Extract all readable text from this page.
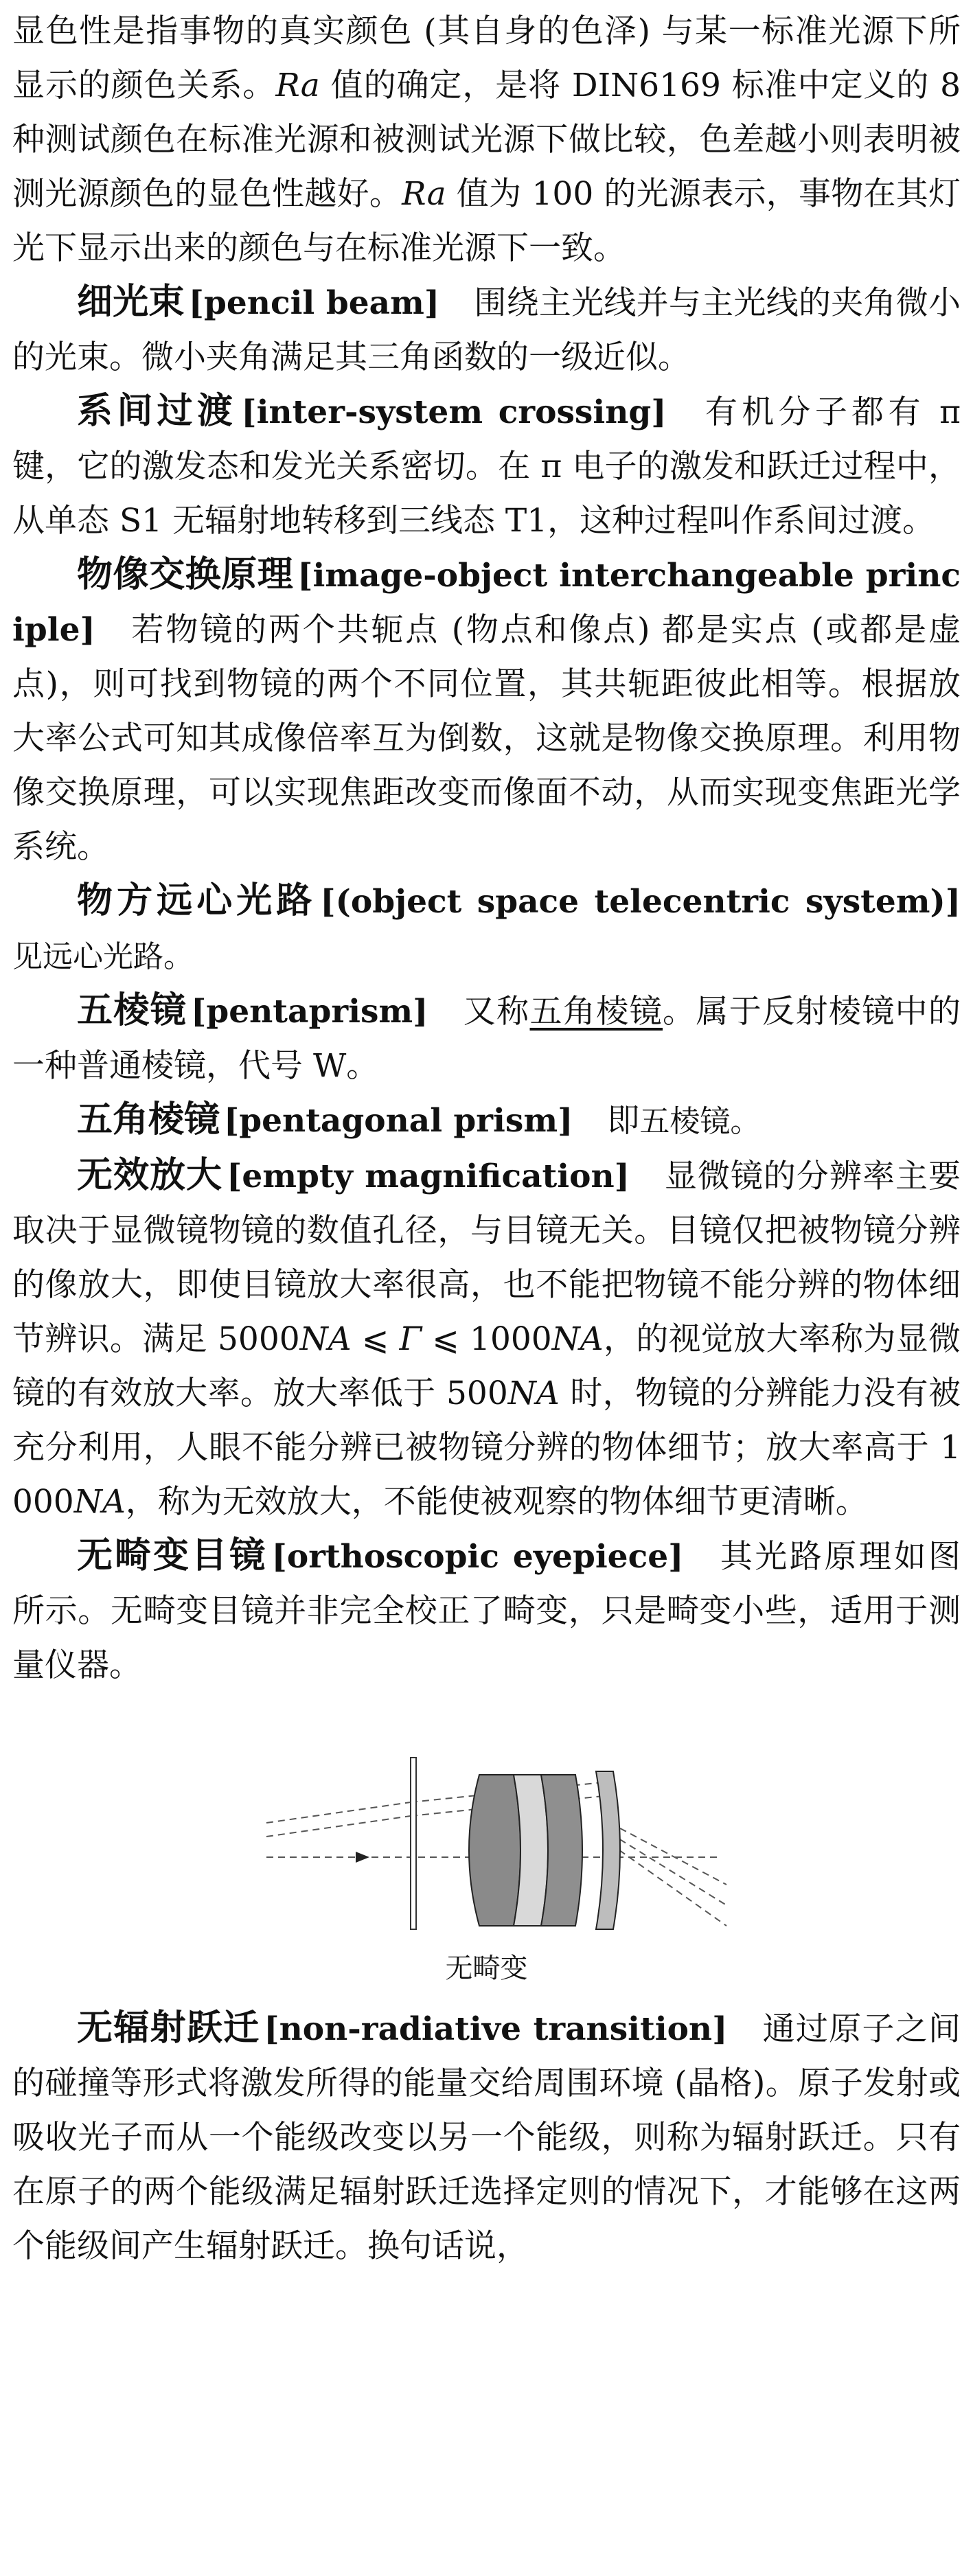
显色性是指事物的真实颜色 (其自身的色泽) 与某一标准光源下所显示的颜色关系。Ra 值的确定，是将 DIN6169 标准中定义的 8 种测试颜色在标准光源和被测试光源下做比较，色差越小则表明被测光源颜色的显色性越好。Ra 值为 100 的光源表示，事物在其灯光下显示出来的颜色与在标准光源下一致。

细光束 [pencil beam] 围绕主光线并与主光线的夹角微小的光束。微小夹角满足其三角函数的一级近似。

系间过渡 [inter-system crossing] 有机分子都有 π 键，它的激发态和发光关系密切。在 π 电子的激发和跃迁过程中，从单态 S1 无辐射地转移到三线态 T1，这种过程叫作系间过渡。

物像交换原理 [image-object interchangeable principle] 若物镜的两个共轭点 (物点和像点) 都是实点 (或都是虚点)，则可找到物镜的两个不同位置，其共轭距彼此相等。根据放大率公式可知其成像倍率互为倒数，这就是物像交换原理。利用物像交换原理，可以实现焦距改变而像面不动，从而实现变焦距光学系统。

物方远心光路 [(object space telecentric system)] 见远心光路。

五棱镜 [pentaprism] 又称五角棱镜。属于反射棱镜中的一种普通棱镜，代号 W。

五角棱镜 [pentagonal prism] 即五棱镜。

无效放大 [empty magnification] 显微镜的分辨率主要取决于显微镜物镜的数值孔径，与目镜无关。目镜仅把被物镜分辨的像放大，即使目镜放大率很高，也不能把物镜不能分辨的物体细节辨识。满足 5000NA ⩽ Γ ⩽ 1000NA，的视觉放大率称为显微镜的有效放大率。放大率低于 500NA 时，物镜的分辨能力没有被充分利用，人眼不能分辨已被物镜分辨的物体细节；放大率高于 1000NA，称为无效放大，不能使被观察的物体细节更清晰。

无畸变目镜 [orthoscopic eyepiece] 其光路原理如图所示。无畸变目镜并非完全校正了畸变，只是畸变小些，适用于测量仪器。

无畸变

无辐射跃迁 [non-radiative transition] 通过原子之间的碰撞等形式将激发所得的能量交给周围环境 (晶格)。原子发射或吸收光子而从一个能级改变以另一个能级，则称为辐射跃迁。只有在原子的两个能级满足辐射跃迁选择定则的情况下，才能够在这两个能级间产生辐射跃迁。换句话说，
